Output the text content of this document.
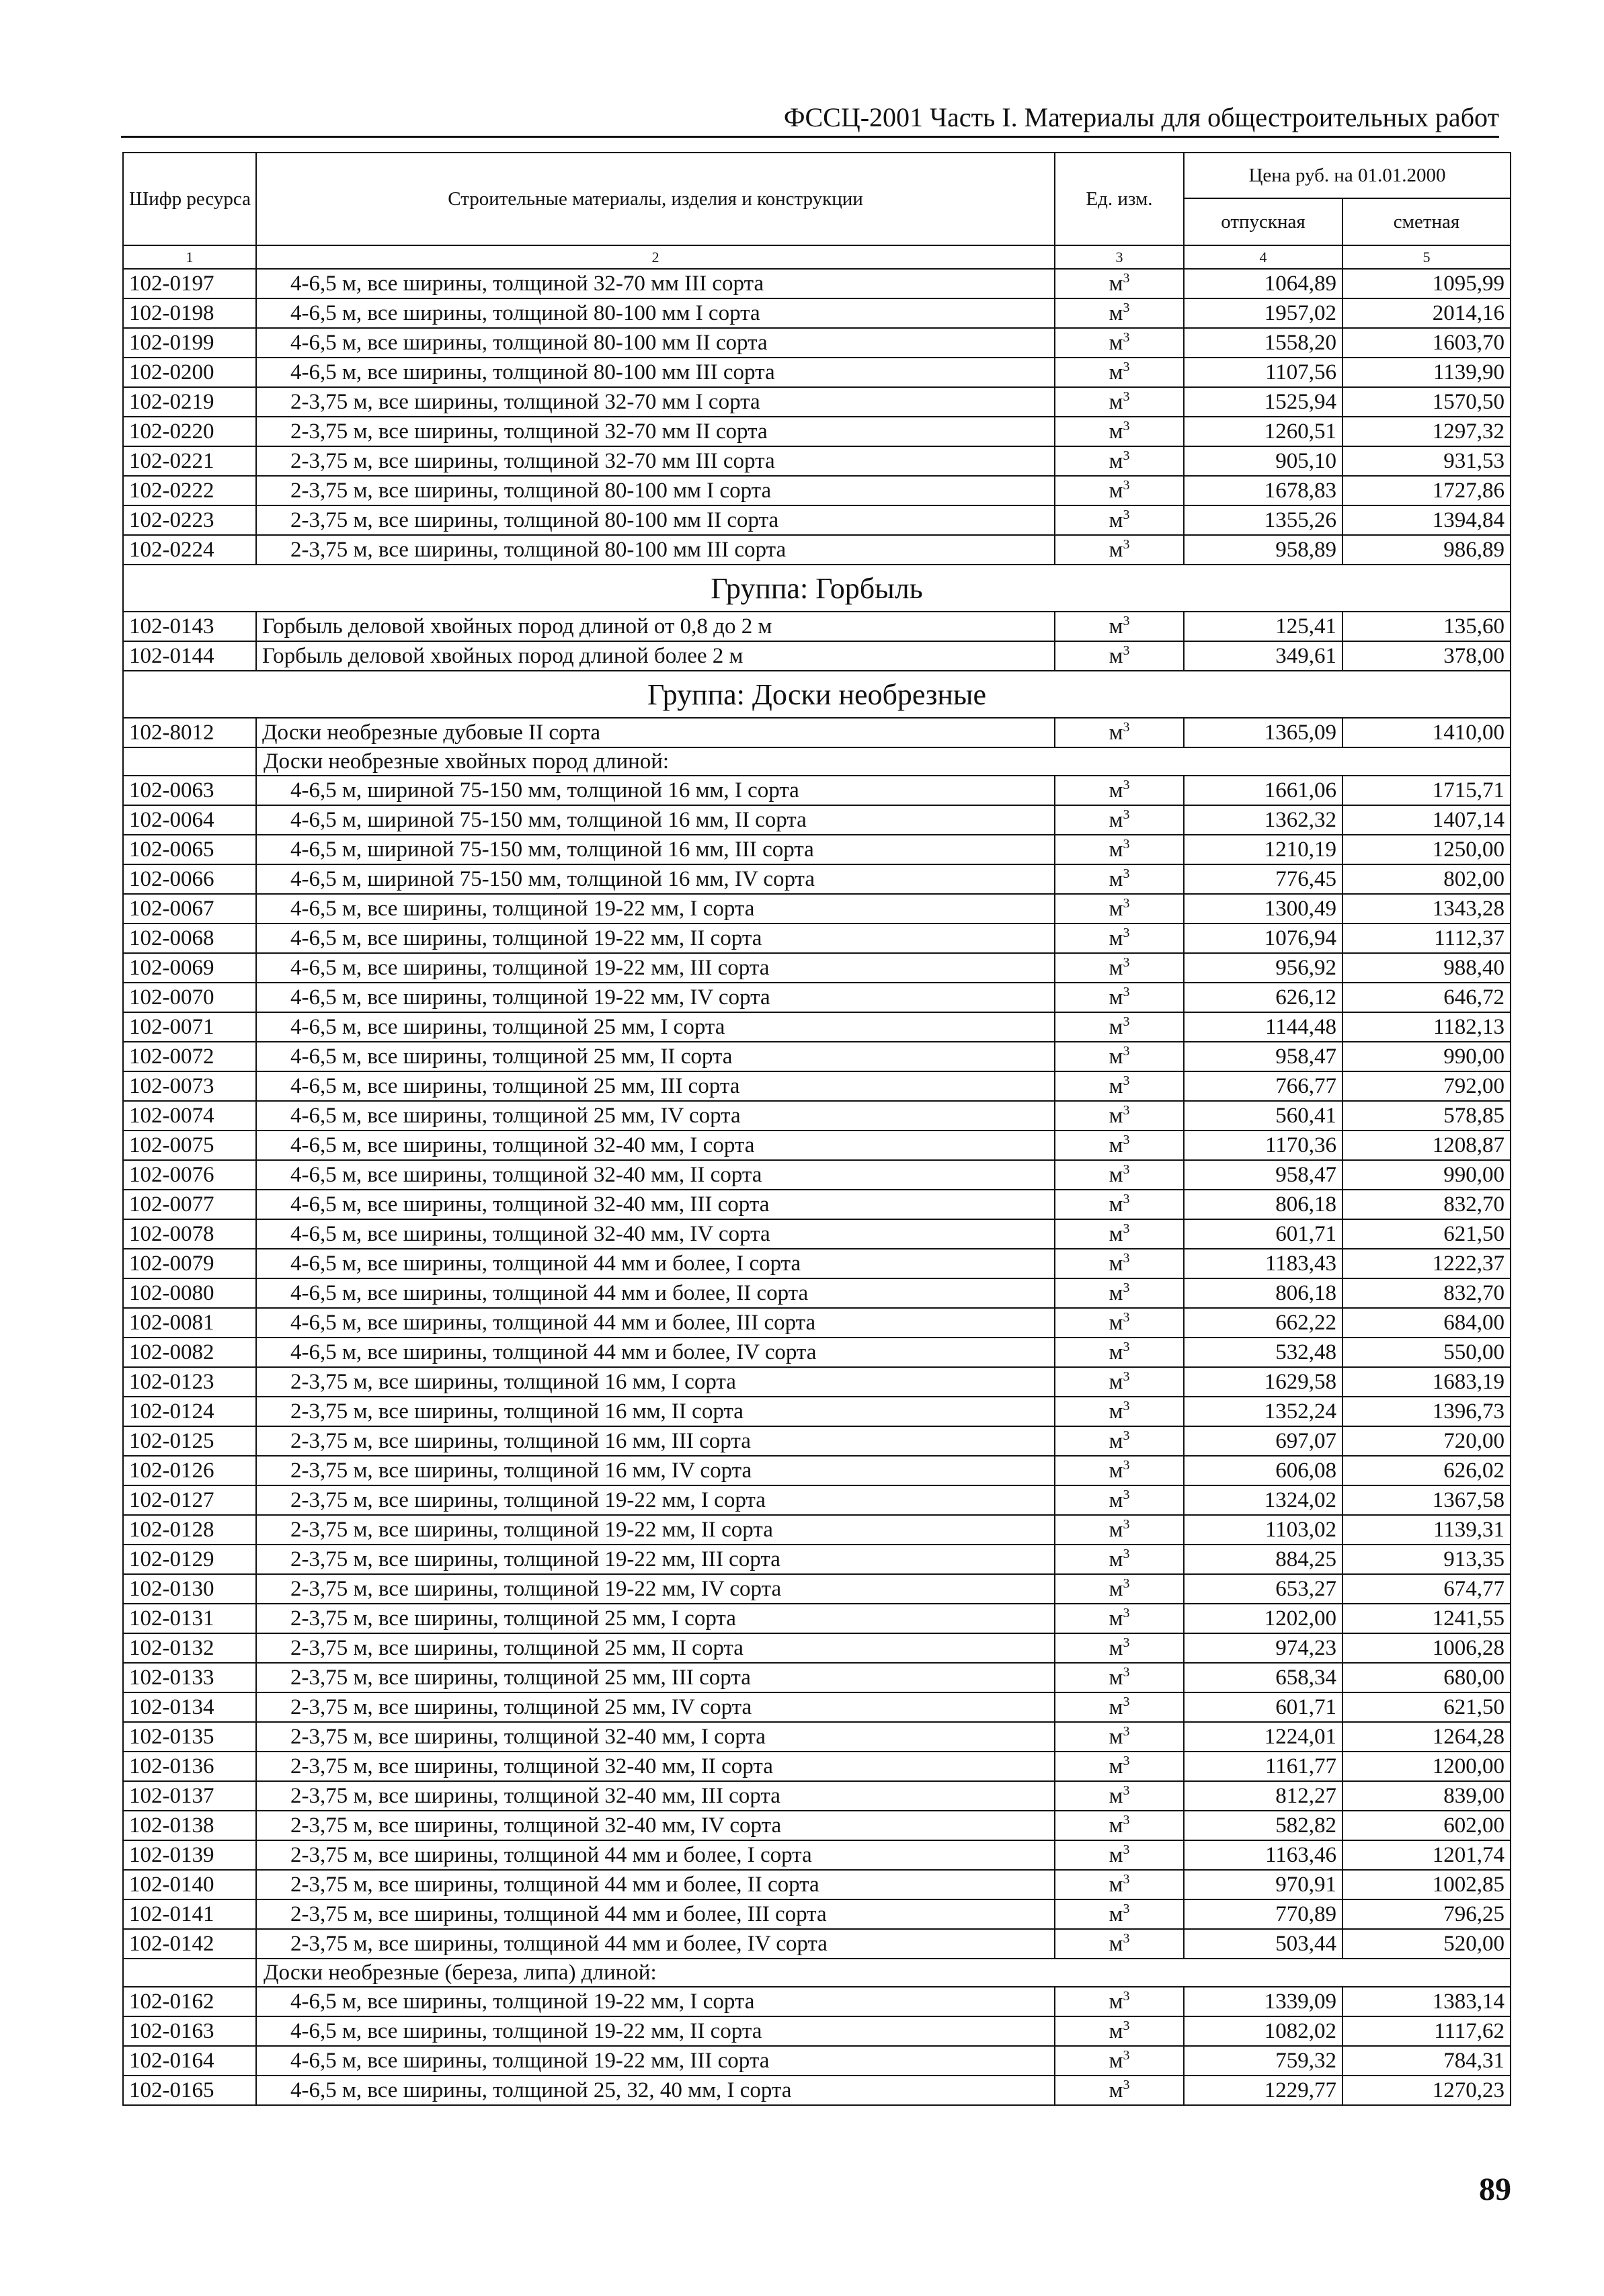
ФССЦ-2001 Часть I. Материалы для общестроительных работ
Шифр ресурса	Строительные материалы, изделия и конструкции	Ед. изм.	Цена руб. на 01.01.2000	
			отпускная	сметная
1	2	3	4	5
102-0197	4-6,5 м, все ширины, толщиной 32-70 мм III сорта	$м^3$	1064,89	1095,99
102-0198	4-6,5 м, все ширины, толщиной 80-100 мм I сорта	$м^3$	1957,02	2014,16
102-0199	4-6,5 м, все ширины, толщиной 80-100 мм II сорта	$м^3$	1558,20	1603,70
102-0200	4-6,5 м, все ширины, толщиной 80-100 мм III сорта	$м^3$	1107,56	1139,90
102-0219	2-3,75 м, все ширины, толщиной 32-70 мм I сорта	$м^3$	1525,94	1570,50
102-0220	2-3,75 м, все ширины, толщиной 32-70 мм II сорта	$м^3$	1260,51	1297,32
102-0221	2-3,75 м, все ширины, толщиной 32-70 мм III сорта	$м^3$	905,10	931,53
102-0222	2-3,75 м, все ширины, толщиной 80-100 мм I сорта	$м^3$	1678,83	1727,86
102-0223	2-3,75 м, все ширины, толщиной 80-100 мм II сорта	$м^3$	1355,26	1394,84
102-0224	2-3,75 м, все ширины, толщиной 80-100 мм III сорта	$м^3$	958,89	986,89
Группа: Горбыль				
102-0143	Горбыль деловой хвойных пород длиной от 0,8 до 2 м	$м^3$	125,41	135,60
102-0144	Горбыль деловой хвойных пород длиной более 2 м	$м^3$	349,61	378,00
Группа: Доски необрезные				
102-8012	Доски необрезные дубовые II сорта	$м^3$	1365,09	1410,00
	Доски необрезные хвойных пород длиной:			
102-0063	4-6,5 м, шириной 75-150 мм, толщиной 16 мм, I сорта	$м^3$	1661,06	1715,71
102-0064	4-6,5 м, шириной 75-150 мм, толщиной 16 мм, II сорта	$м^3$	1362,32	1407,14
102-0065	4-6,5 м, шириной 75-150 мм, толщиной 16 мм, III сорта	$м^3$	1210,19	1250,00
102-0066	4-6,5 м, шириной 75-150 мм, толщиной 16 мм, IV сорта	$м^3$	776,45	802,00
102-0067	4-6,5 м, все ширины, толщиной 19-22 мм, I сорта	$м^3$	1300,49	1343,28
102-0068	4-6,5 м, все ширины, толщиной 19-22 мм, II сорта	$м^3$	1076,94	1112,37
102-0069	4-6,5 м, все ширины, толщиной 19-22 мм, III сорта	$м^3$	956,92	988,40
102-0070	4-6,5 м, все ширины, толщиной 19-22 мм, IV сорта	$м^3$	626,12	646,72
102-0071	4-6,5 м, все ширины, толщиной 25 мм, I сорта	$м^3$	1144,48	1182,13
102-0072	4-6,5 м, все ширины, толщиной 25 мм, II сорта	$м^3$	958,47	990,00
102-0073	4-6,5 м, все ширины, толщиной 25 мм, III сорта	$м^3$	766,77	792,00
102-0074	4-6,5 м, все ширины, толщиной 25 мм, IV сорта	$м^3$	560,41	578,85
102-0075	4-6,5 м, все ширины, толщиной 32-40 мм, I сорта	$м^3$	1170,36	1208,87
102-0076	4-6,5 м, все ширины, толщиной 32-40 мм, II сорта	$м^3$	958,47	990,00
102-0077	4-6,5 м, все ширины, толщиной 32-40 мм, III сорта	$м^3$	806,18	832,70
102-0078	4-6,5 м, все ширины, толщиной 32-40 мм, IV сорта	$м^3$	601,71	621,50
102-0079	4-6,5 м, все ширины, толщиной 44 мм и более, I сорта	$м^3$	1183,43	1222,37
102-0080	4-6,5 м, все ширины, толщиной 44 мм и более, II сорта	$м^3$	806,18	832,70
102-0081	4-6,5 м, все ширины, толщиной 44 мм и более, III сорта	$м^3$	662,22	684,00
102-0082	4-6,5 м, все ширины, толщиной 44 мм и более, IV сорта	$м^3$	532,48	550,00
102-0123	2-3,75 м, все ширины, толщиной 16 мм, I сорта	$м^3$	1629,58	1683,19
102-0124	2-3,75 м, все ширины, толщиной 16 мм, II сорта	$м^3$	1352,24	1396,73
102-0125	2-3,75 м, все ширины, толщиной 16 мм, III сорта	$м^3$	697,07	720,00
102-0126	2-3,75 м, все ширины, толщиной 16 мм, IV сорта	$м^3$	606,08	626,02
102-0127	2-3,75 м, все ширины, толщиной 19-22 мм, I сорта	$м^3$	1324,02	1367,58
102-0128	2-3,75 м, все ширины, толщиной 19-22 мм, II сорта	$м^3$	1103,02	1139,31
102-0129	2-3,75 м, все ширины, толщиной 19-22 мм, III сорта	$м^3$	884,25	913,35
102-0130	2-3,75 м, все ширины, толщиной 19-22 мм, IV сорта	$м^3$	653,27	674,77
102-0131	2-3,75 м, все ширины, толщиной 25 мм, I сорта	$м^3$	1202,00	1241,55
102-0132	2-3,75 м, все ширины, толщиной 25 мм, II сорта	$м^3$	974,23	1006,28
102-0133	2-3,75 м, все ширины, толщиной 25 мм, III сорта	$м^3$	658,34	680,00
102-0134	2-3,75 м, все ширины, толщиной 25 мм, IV сорта	$м^3$	601,71	621,50
102-0135	2-3,75 м, все ширины, толщиной 32-40 мм, I сорта	$м^3$	1224,01	1264,28
102-0136	2-3,75 м, все ширины, толщиной 32-40 мм, II сорта	$м^3$	1161,77	1200,00
102-0137	2-3,75 м, все ширины, толщиной 32-40 мм, III сорта	$м^3$	812,27	839,00
102-0138	2-3,75 м, все ширины, толщиной 32-40 мм, IV сорта	$м^3$	582,82	602,00
102-0139	2-3,75 м, все ширины, толщиной 44 мм и более, I сорта	$м^3$	1163,46	1201,74
102-0140	2-3,75 м, все ширины, толщиной 44 мм и более, II сорта	$м^3$	970,91	1002,85
102-0141	2-3,75 м, все ширины, толщиной 44 мм и более, III сорта	$м^3$	770,89	796,25
102-0142	2-3,75 м, все ширины, толщиной 44 мм и более, IV сорта	$м^3$	503,44	520,00
	Доски необрезные (береза, липа) длиной:			
102-0162	4-6,5 м, все ширины, толщиной 19-22 мм, I сорта	$м^3$	1339,09	1383,14
102-0163	4-6,5 м, все ширины, толщиной 19-22 мм, II сорта	$м^3$	1082,02	1117,62
102-0164	4-6,5 м, все ширины, толщиной 19-22 мм, III сорта	$м^3$	759,32	784,31
102-0165	4-6,5 м, все ширины, толщиной 25, 32, 40 мм, I сорта	$м^3$	1229,77	1270,23
89
